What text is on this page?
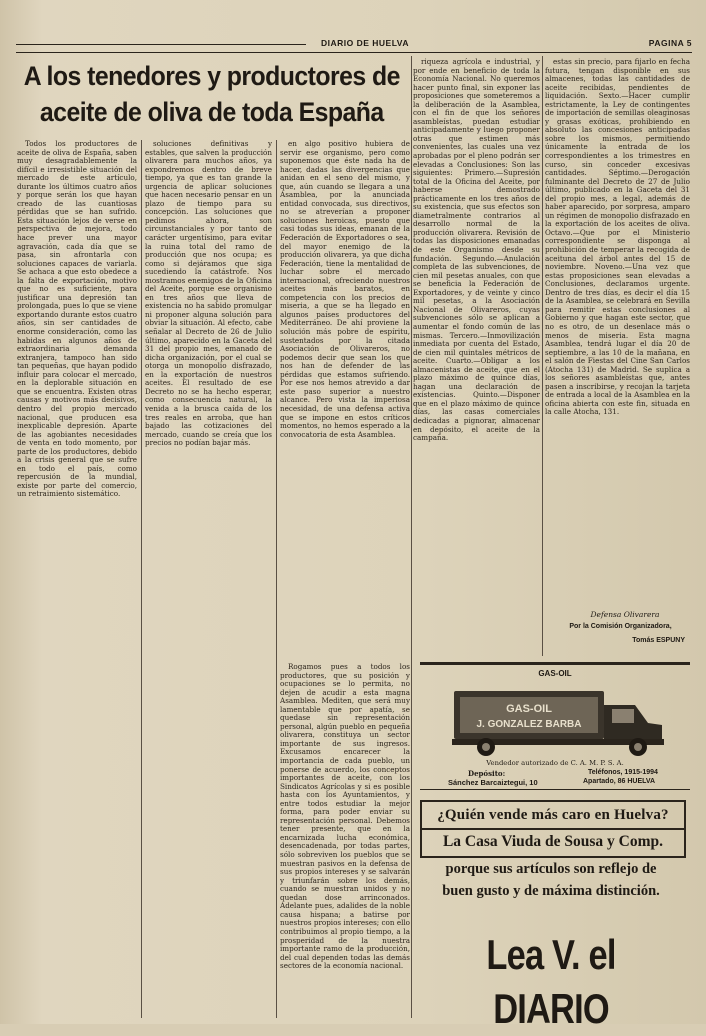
DIARIO DE HUELVA	PAGINA 5
A los tenedores y productores de aceite de oliva de toda España

Todos los productores de aceite de oliva de España, saben muy desagradablemente la difícil e irresistible situación del mercado de este artículo, durante los últimos cuatro años y porque serán los que hayan creado de las cuantiosas pérdidas que se han sufrido. Esta situación lejos de verse en perspectiva de mejora, todo hace prever una mayor agravación, cada día que se pasa, sin afrontarla con soluciones capaces de variarla. Se achaca a que esto obedece a la falta de exportación, motivo que no es suficiente, para justificar una depresión tan prolongada, pues lo que se viene exportando durante estos cuatro años, sin ser cantidades de enorme consideración, como las habidas en algunos años de extraordinaria demanda extranjera, tampoco han sido tan pequeñas, que hayan podido influir para colocar el mercado, en la deplorable situación en que se encuentra. Existen otras causas y motivos más decisivos, dentro del propio mercado nacional, que producen esa inexplicable depresión. Aparte de las agobiantes necesidades de venta en todo momento, por parte de los productores, debido a la crisis general que se sufre en todo el país, como repercusión de la mundial, existe por parte del comercio, un retraimiento sistemático.

soluciones definitivas y estables, que salven la producción olivarera para muchos años, ya expondremos dentro de breve tiempo, ya que es tan grande la urgencia de aplicar soluciones que hacen necesario pensar en un plazo de tiempo para su concepción. Las soluciones que pedimos ahora, son circunstanciales y por tanto de carácter urgentísimo, para evitar la ruina total del ramo de producción que nos ocupa; es como si dejáramos que siga sucediendo la catástrofe. Nos mostramos enemigos de la Oficina del Aceite, porque ese organismo en tres años que lleva de existencia no ha sabido promulgar ni proponer alguna solución para obviar la situación. Al efecto, cabe señalar al Decreto de 26 de Julio último, aparecido en la Gaceta del 31 del propio mes, emanado de dicha organización, por el cual se otorga un monopolio disfrazado, en la exportación de nuestros aceites. El resultado de ese Decreto no se ha hecho esperar, como consecuencia natural, la venida a la brusca caída de los tres reales en arroba, que han bajado las cotizaciones del mercado, cuando se creía que los precios no podían bajar más.

en algo positivo hubiera de servir ese organismo, pero como suponemos que éste nada ha de hacer, dadas las divergencias que anidan en el seno del mismo, y que, aún cuando se llegara a una Asamblea, por la anunciada entidad convocada, sus directivos, no se atreverían a proponer soluciones heroicas, puesto que casi todas sus ideas, emanan de la Federación de Exportadores o sea, del mayor enemigo de la producción olivarera, ya que dicha Federación, tiene la mentalidad de luchar sobre el mercado internacional, ofreciendo nuestros aceites más baratos, en competencia con los precios de miseria, a que se ha llegado en algunos países productores del Mediterráneo. De ahí proviene la solución más pobre de espíritu, sustentados por la citada Asociación de Olivareros, no podemos decir que sean los que nos han de defender de las pérdidas que estamos sufriendo. Por ese nos hemos atrevido a dar este paso superior a nuestro alcance. Pero vista la imperiosa necesidad, de una defensa activa que se impone en estos críticos momentos, no hemos esperado a la convocatoria de esta Asamblea.

Rogamos pues a todos los productores, que su posición y ocupaciones se lo permita, no dejen de acudir a esta magna Asamblea. Mediten, que será muy lamentable que por apatía, se quedase sin representación personal, algún pueblo en pequeña olivarera, constituya un sector importante de sus ingresos. Excusamos encarecer la importancia de cada pueblo, un ponerse de acuerdo, los conceptos importantes de aceite, con los Sindicatos Agrícolas y si es posible hasta con los Ayuntamientos, y entre todos estudiar la mejor forma, para poder enviar su representación personal. Debemos tener presente, que en la encarnizada lucha económica, desencadenada, por todas partes, sólo sobreviven los pueblos que se muestran pasivos en la defensa de sus propios intereses y se salvarán y triunfarán sobre los demás, cuando se muestran unidos y no quedan dose arrinconados. Adelante pues, adalides de la noble causa hispana; a batirse por nuestros propios intereses; con ello contribuimos al propio tiempo, a la prosperidad de la nuestra importante ramo de la producción, del cual dependen todas las demás sectores de la economía nacional.

riqueza agrícola e industrial, y por ende en beneficio de toda la Economía Nacional. No queremos hacer punto final, sin exponer las proposiciones que someteremos a la deliberación de la Asamblea, con el fin de que los señores asambleístas, puedan estudiar anticipadamente y luego proponer otras que estimen más convenientes, las cuales una vez aprobadas por el pleno podrán ser elevadas a Conclusiones: Son las siguientes: Primero.—Supresión total de la Oficina del Aceite, por haberse demostrado prácticamente en los tres años de su existencia, que sus efectos son diametralmente contrarios al desarrollo normal de la producción olivarera. Revisión de todas las disposiciones emanadas de este Organismo desde su fundación. Segundo.—Anulación completa de las subvenciones, de cien mil pesetas anuales, con que se beneficia la Federación de Exportadores, y de veinte y cinco mil pesetas, a la Asociación Nacional de Olivareros, cuyas subvenciones sólo se aplican a aumentar el fondo común de las mismas. Tercero.—Inmovilización inmediata por cuenta del Estado, de cien mil quintales métricos de aceite. Cuarto.—Obligar a los almacenistas de aceite, que en el plazo máximo de quince días, hagan una declaración de existencias. Quinto.—Disponer que en el plazo máximo de quince días, las casas comerciales dedicadas a pignorar, almacenar en depósito, el aceite de la campaña.

estas sin precio, para fijarlo en fecha futura, tengan disponible en sus almacenes, todas las cantidades de aceite recibidas, pendientes de liquidación. Sexto.—Hacer cumplir estrictamente, la Ley de contingentes de importación de semillas oleaginosas y grasas exóticas, prohibiendo en absoluto las concesiones anticipadas sobre los mismos, permitiendo únicamente la entrada de los correspondientes a los trimestres en curso, sin conceder excesivas cantidades. Séptimo.—Derogación fulminante del Decreto de 27 de Julio último, publicado en la Gaceta del 31 del propio mes, a legal, además de haber aparecido, por sorpresa, amparo un régimen de monopolio disfrazado en la exportación de los aceites de oliva. Octavo.—Que por el Ministerio correspondiente se disponga al prohibición de temperar la recogida de aceituna del árbol antes del 15 de noviembre. Noveno.—Una vez que estas proposiciones sean elevadas a Conclusiones, declaramos urgente. Dentro de tres días, es decir el día 15 de la Asamblea, se celebrará en Sevilla para remitir estas conclusiones al Gobierno y que hagan este sector, que no es otro, de un desenlace más o menos de miseria. Esta magna Asamblea, tendrá lugar el día 20 de septiembre, a las 10 de la mañana, en el salón de Fiestas del Cine San Carlos (Atocha 131) de Madrid. Se suplica a los señores asambleístas que, antes pasen a inscribirse, y recojan la tarjeta de entrada a local de la Asamblea en la oficina abierta con este fin, situada en la calle Atocha, 131.

Defensa Olivarera
Por la Comisión Organizadora,
Tomás ESPUNY
GAS-OIL
GAS-OIL
J. GONZALEZ BARBA
Vendedor autorizado de C. A. M. P. S. A.
Depósito:
Sánchez Barcaiztegui, 10
Teléfonos, 1915-1994
Apartado, 86 HUELVA
¿Quién vende más caro en Huelva?
La Casa Viuda de Sousa y Comp.
porque sus artículos son reflejo de
buen gusto y de máxima distinción.
Lea V. el DIARIO
